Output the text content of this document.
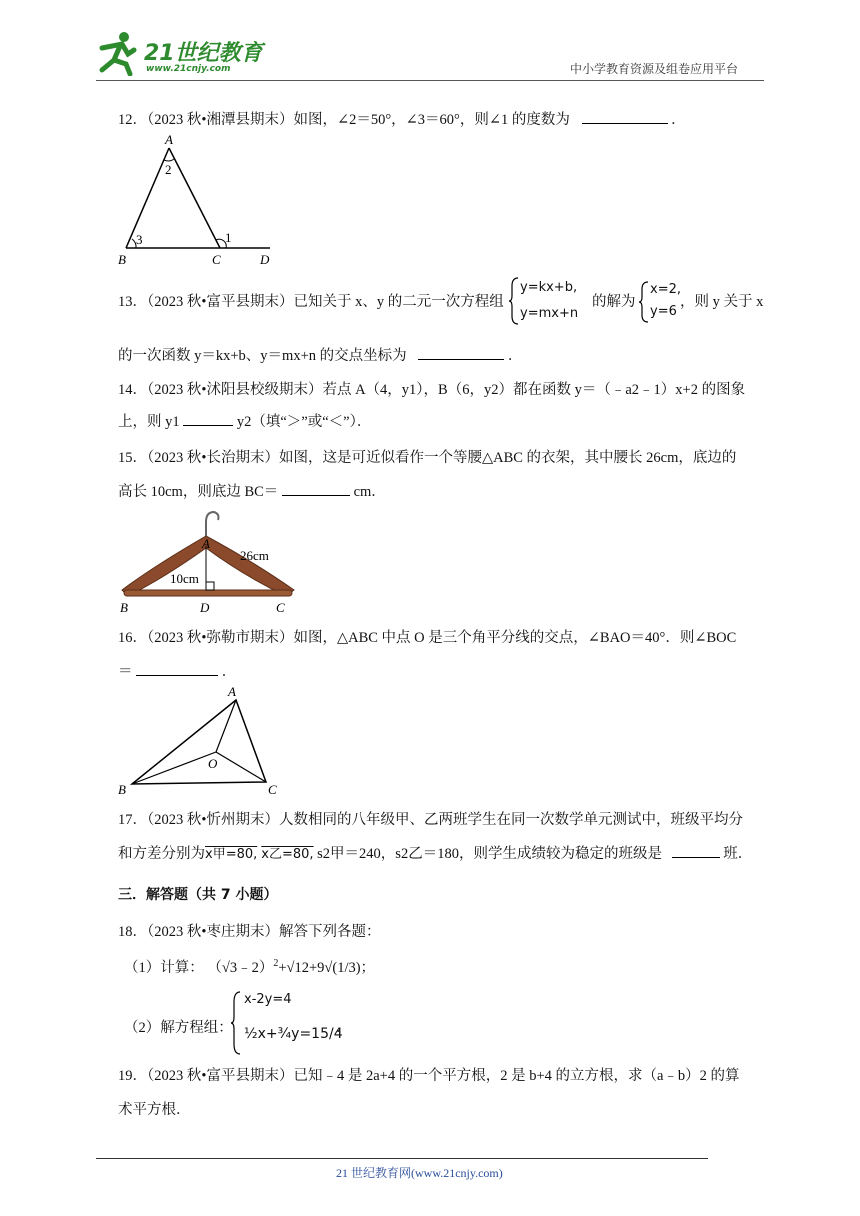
21世纪教育
www.21cnjy.com	中小学教育资源及组卷应用平台
12．（2023 秋•湘潭县期末）如图，∠2＝50°，∠3＝60°，则∠1 的度数为	．
A
2
3	1
B	C	D
13．（2023 秋•富平县期末）已知关于 x、y 的二元一次方程组
y=kx+b,
y=mx+n
的解为
x=2,
y=6
，则 y 关于 x
的一次函数 y＝kx+b、y＝mx+n 的交点坐标为	．
14．（2023 秋•沭阳县校级期末）若点 A（4，y1），B（6，y2）都在函数 y＝（﹣a2﹣1）x+2 的图象
上，则 y1	y2（填“＞”或“＜”）．
15．（2023 秋•长治期末）如图，这是可近似看作一个等腰△ABC 的衣架，其中腰长 26cm，底边的
高长 10cm，则底边 BC＝	cm．
A
26cm
10cm
B	D	C
16．（2023 秋•弥勒市期末）如图，△ABC 中点 O 是三个角平分线的交点，∠BAO＝40°．则∠BOC
＝	．
A
O
B	C
17．（2023 秋•忻州期末）人数相同的八年级甲、乙两班学生在同一次数学单元测试中，班级平均分
和方差分别为x甲=80, x乙=80, s2甲＝240，s2乙＝180，则学生成绩较为稳定的班级是	班．
三．解答题（共 7 小题）
18．（2023 秋•枣庄期末）解答下列各题：
（1）计算： （√3﹣2）$^2$+√12+9√(1/3)；
（2）解方程组：
x-2y=4
½x+¾y=15/4
．
19．（2023 秋•富平县期末）已知﹣4 是 2a+4 的一个平方根，2 是 b+4 的立方根，求（a﹣b）2 的算
术平方根．
21 世纪教育网(www.21cnjy.com)
